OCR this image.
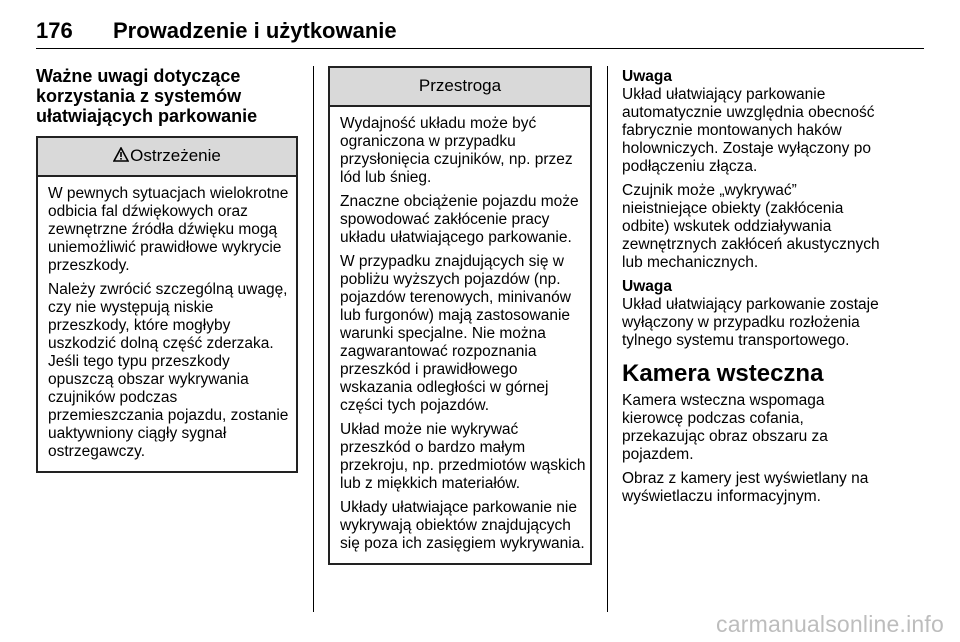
176 Prowadzenie i użytkowanie
Ważne uwagi dotyczące korzystania z systemów ułatwiających parkowanie
Ostrzeżenie

W pewnych sytuacjach wielokrotne odbicia fal dźwiękowych oraz zewnętrzne źródła dźwięku mogą uniemożliwić prawidłowe wykrycie przeszkody.

Należy zwrócić szczególną uwagę, czy nie występują niskie przeszkody, które mogłyby uszkodzić dolną część zderzaka. Jeśli tego typu przeszkody opuszczą obszar wykrywania czujników podczas przemieszczania pojazdu, zostanie uaktywniony ciągły sygnał ostrzegawczy.

Przestroga

Wydajność układu może być ograniczona w przypadku przysłonięcia czujników, np. przez lód lub śnieg.

Znaczne obciążenie pojazdu może spowodować zakłócenie pracy układu ułatwiającego parkowanie.

W przypadku znajdujących się w pobliżu wyższych pojazdów (np. pojazdów terenowych, minivanów lub furgonów) mają zastosowanie warunki specjalne. Nie można zagwarantować rozpoznania przeszkód i prawidłowego wskazania odległości w górnej części tych pojazdów.

Układ może nie wykrywać przeszkód o bardzo małym przekroju, np. przedmiotów wąskich lub z miękkich materiałów.

Układy ułatwiające parkowanie nie wykrywają obiektów znajdujących się poza ich zasięgiem wykrywania.

Uwaga
Układ ułatwiający parkowanie automatycznie uwzględnia obecność fabrycznie montowanych haków holowniczych. Zostaje wyłączony po podłączeniu złącza.

Czujnik może „wykrywać” nieistniejące obiekty (zakłócenia odbite) wskutek oddziaływania zewnętrznych zakłóceń akustycznych lub mechanicznych.

Uwaga
Układ ułatwiający parkowanie zostaje wyłączony w przypadku rozłożenia tylnego systemu transportowego.

Kamera wsteczna

Kamera wsteczna wspomaga kierowcę podczas cofania, przekazując obraz obszaru za pojazdem.

Obraz z kamery jest wyświetlany na wyświetlaczu informacyjnym.

carmanualsonline.info
